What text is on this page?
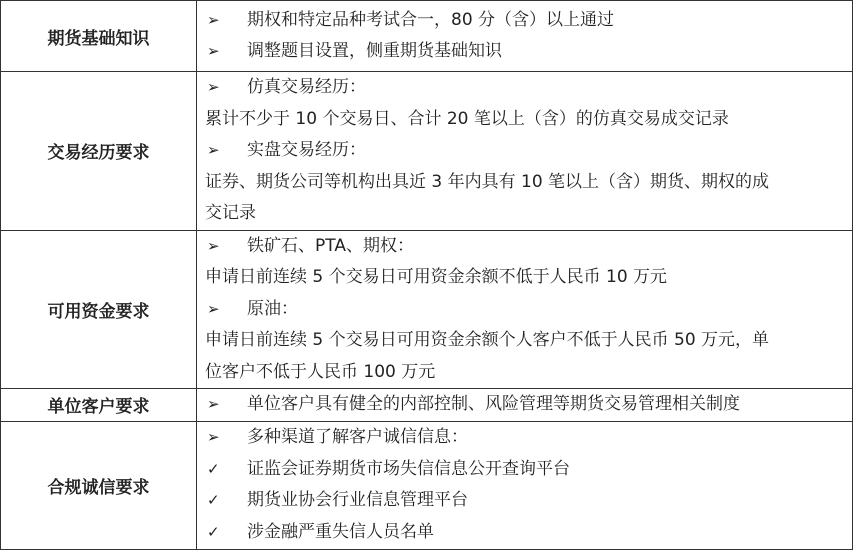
期货基础知识	➢ 期权和特定品种考试合一，80 分（含）以上通过
➢ 调整题目设置，侧重期货基础知识

交易经历要求	➢ 仿真交易经历：
累计不少于 10 个交易日、合计 20 笔以上（含）的仿真交易成交记录
➢ 实盘交易经历：
证券、期货公司等机构出具近 3 年内具有 10 笔以上（含）期货、期权的成
交记录

可用资金要求	➢ 铁矿石、PTA、期权：
申请日前连续 5 个交易日可用资金余额不低于人民币 10 万元
➢ 原油：
申请日前连续 5 个交易日可用资金余额个人客户不低于人民币 50 万元，单
位客户不低于人民币 100 万元

单位客户要求	➢ 单位客户具有健全的内部控制、风险管理等期货交易管理相关制度

合规诚信要求	➢ 多种渠道了解客户诚信信息：
✓ 证监会证券期货市场失信信息公开查询平台
✓ 期货业协会行业信息管理平台
✓ 涉金融严重失信人员名单
